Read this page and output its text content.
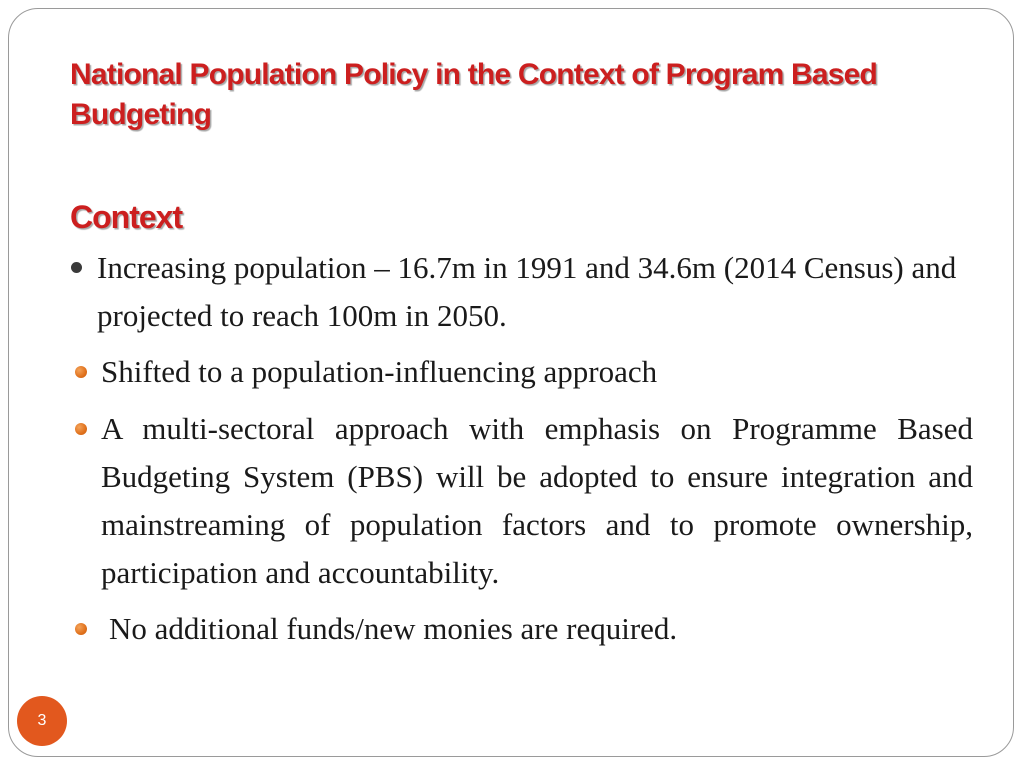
National Population Policy in the Context of Program Based Budgeting
Context
Increasing population – 16.7m in 1991 and 34.6m (2014 Census) and projected to reach 100m in 2050.
Shifted to a population-influencing approach
A multi-sectoral approach with emphasis on Programme Based Budgeting System (PBS) will be adopted to ensure integration and mainstreaming of population factors and to promote ownership, participation and accountability.
No additional funds/new monies are required.
3
